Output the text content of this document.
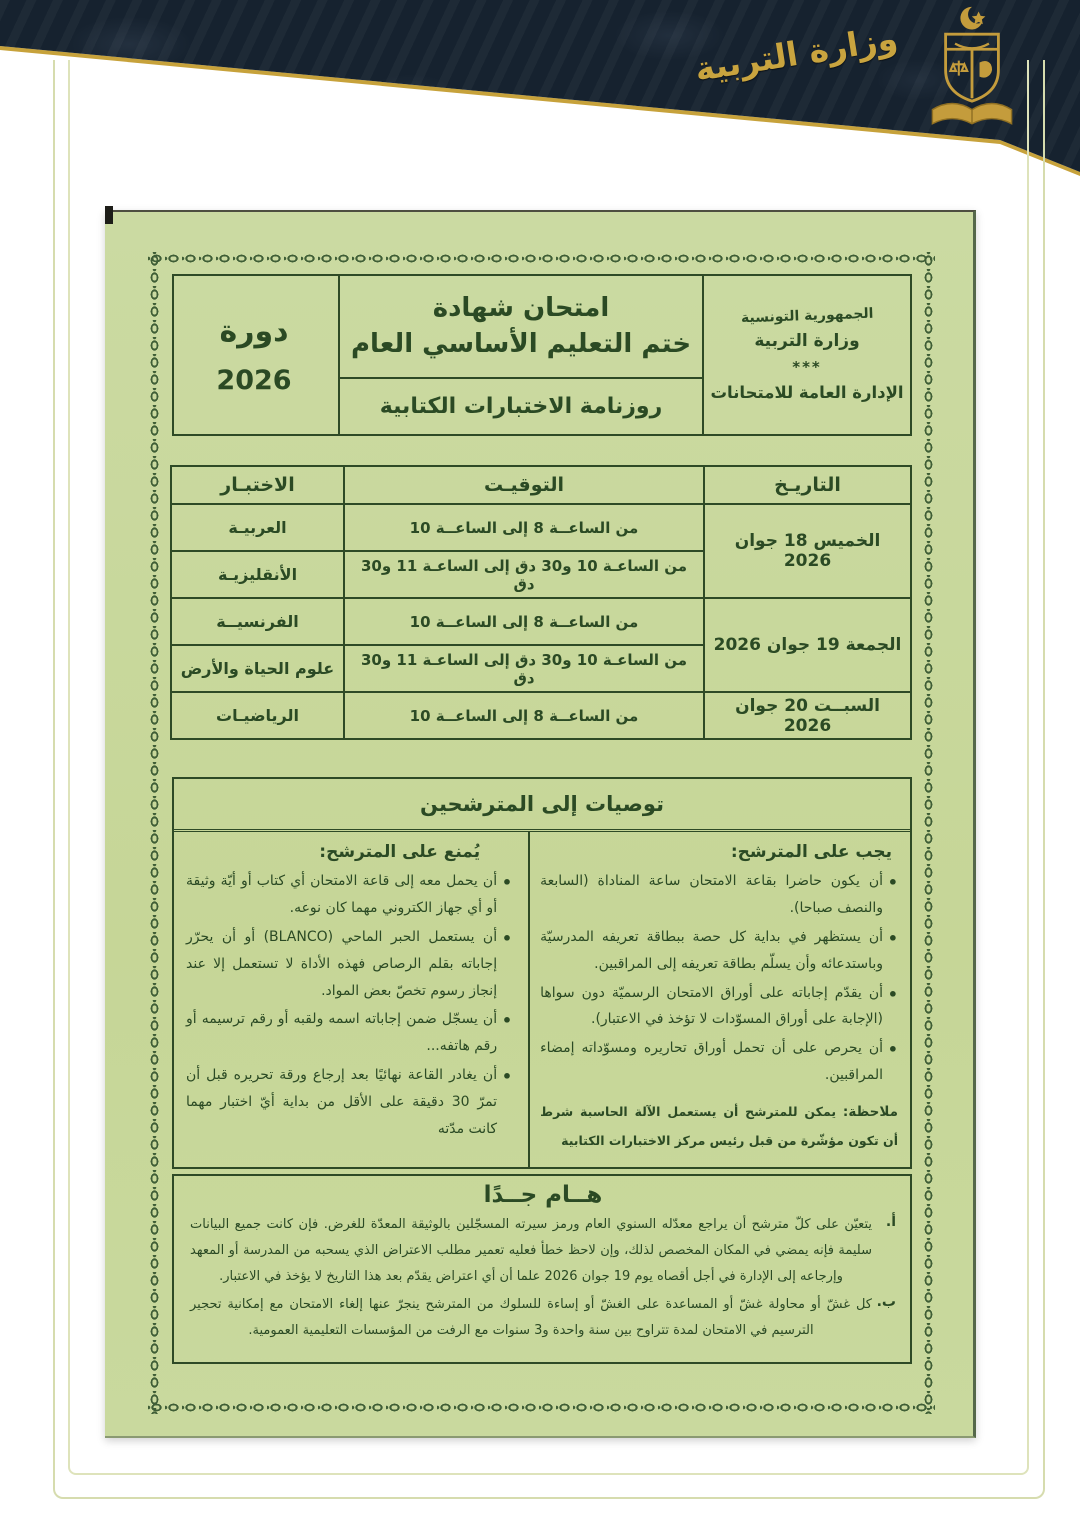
وزارة التربية
الجمهورية التونسية
وزارة التربية
***
الإدارة العامة للامتحانات
امتحان شهادة
ختم التعليم الأساسي العام
روزنامة الاختبارات الكتابية
دورة
2026
التاريـخ	التوقيـت	الاختبـار
الخميس 18 جوان 2026	من الساعــة 8 إلى الساعــة 10	العربيـة
	من الساعـة 10 و30 دق إلى الساعـة 11 و30 دق	الأنقليزيـة
الجمعة 19 جوان 2026	من الساعــة 8 إلى الساعــة 10	الفرنسيــة
	من الساعـة 10 و30 دق إلى الساعـة 11 و30 دق	علوم الحياة والأرض
السبــت 20 جوان 2026	من الساعــة 8 إلى الساعــة 10	الرياضيـات
توصيات إلى المترشحين
يجب على المترشح:
• أن يكون حاضرا بقاعة الامتحان ساعة المناداة (السابعة والنصف صباحا).
• أن يستظهر في بداية كل حصة ببطاقة تعريفه المدرسيّة وباستدعائه وأن يسلّم بطاقة تعريفه إلى المراقبين.
• أن يقدّم إجاباته على أوراق الامتحان الرسميّة دون سواها (الإجابة على أوراق المسوّدات لا تؤخذ في الاعتبار).
• أن يحرص على أن تحمل أوراق تحاريره ومسوّداته إمضاء المراقبين.
ملاحظة: يمكن للمترشح أن يستعمل الآلة الحاسبة شرط أن تكون مؤشّرة من قبل رئيس مركز الاختبارات الكتابية
يُمنع على المترشح:
• أن يحمل معه إلى قاعة الامتحان أي كتاب أو أيّة وثيقة أو أي جهاز الكتروني مهما كان نوعه.
• أن يستعمل الحبر الماحي (BLANCO) أو أن يحرّر إجاباته بقلم الرصاص فهذه الأداة لا تستعمل إلا عند إنجاز رسوم تخصّ بعض المواد.
• أن يسجّل ضمن إجاباته اسمه ولقبه أو رقم ترسيمه أو رقم هاتفه...
• أن يغادر القاعة نهائيًا بعد إرجاع ورقة تحريره قبل أن تمرّ 30 دقيقة على الأقل من بداية أيّ اختبار مهما كانت مدّته
هــام جــدًا
أ.
يتعيّن على كلّ مترشح أن يراجع معدّله السنوي العام ورمز سيرته المسجّلين بالوثيقة المعدّة للغرض. فإن كانت جميع البيانات سليمة فإنه يمضي في المكان المخصص لذلك، وإن لاحظ خطأ فعليه تعمير مطلب الاعتراض الذي يسحبه من المدرسة أو المعهد وإرجاعه إلى الإدارة في أجل أقصاه يوم 19 جوان 2026 علما أن أي اعتراض يقدّم بعد هذا التاريخ لا يؤخذ في الاعتبار.
ب.
كل غشّ أو محاولة غشّ أو المساعدة على الغشّ أو إساءة للسلوك من المترشح ينجرّ عنها إلغاء الامتحان مع إمكانية تحجير الترسيم في الامتحان لمدة تتراوح بين سنة واحدة و3 سنوات مع الرفت من المؤسسات التعليمية العمومية.
